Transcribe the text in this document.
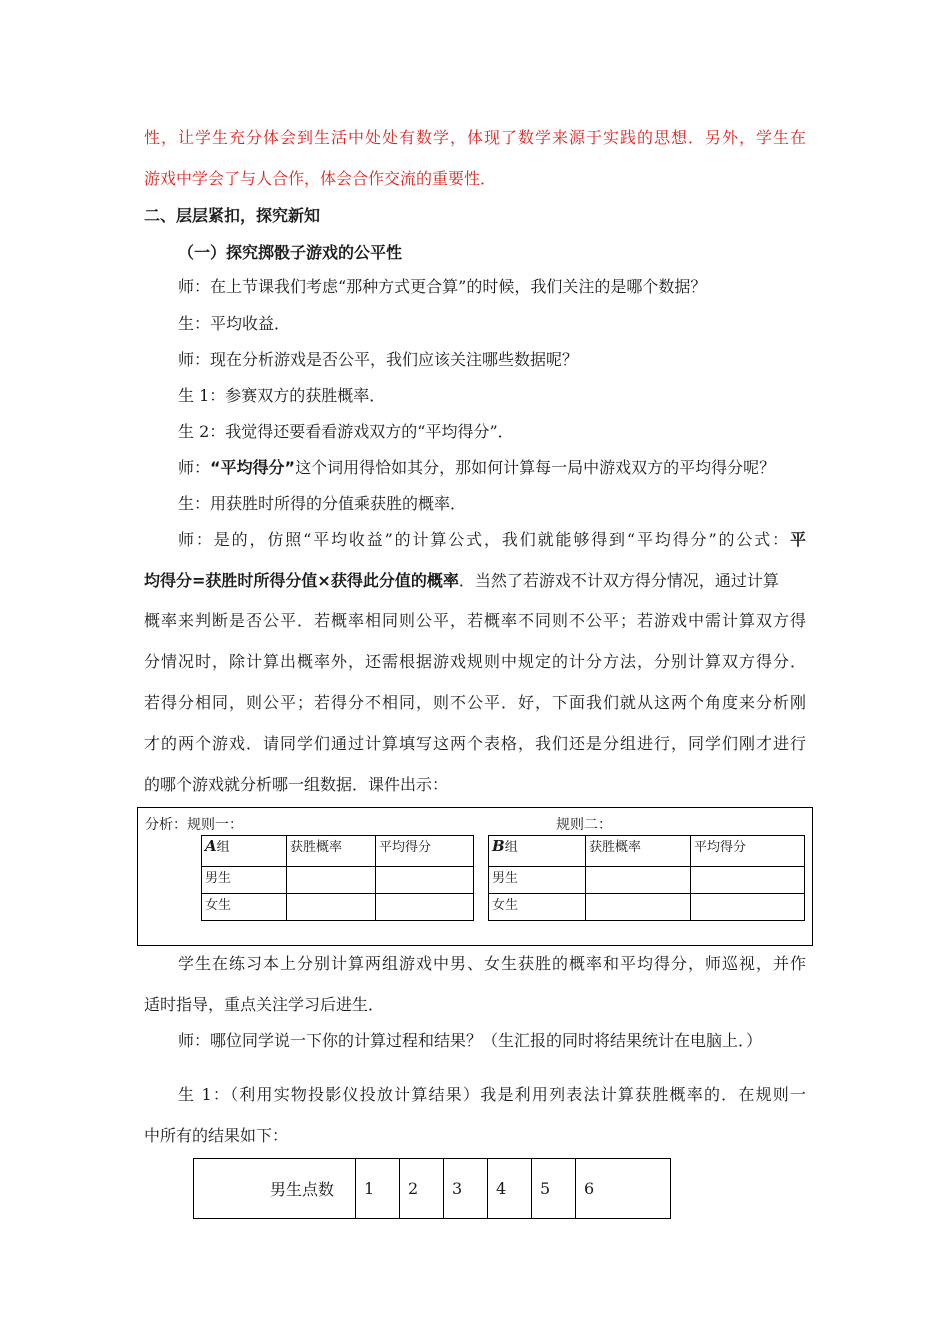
性，让学生充分体会到生活中处处有数学，体现了数学来源于实践的思想．另外，学生在
游戏中学会了与人合作，体会合作交流的重要性．
二、层层紧扣，探究新知
（一）探究掷骰子游戏的公平性
师：在上节课我们考虑“那种方式更合算”的时候，我们关注的是哪个数据？
生：平均收益．
师：现在分析游戏是否公平，我们应该关注哪些数据呢？
生 1：参赛双方的获胜概率．
生 2：我觉得还要看看游戏双方的“平均得分”．
师：“平均得分”这个词用得恰如其分，那如何计算每一局中游戏双方的平均得分呢？
生：用获胜时所得的分值乘获胜的概率．
师：是的，仿照“平均收益”的计算公式，我们就能够得到“平均得分”的公式：平
均得分=获胜时所得分值×获得此分值的概率．当然了若游戏不计双方得分情况，通过计算
概率来判断是否公平．若概率相同则公平，若概率不同则不公平；若游戏中需计算双方得
分情况时，除计算出概率外，还需根据游戏规则中规定的计分方法，分别计算双方得分．
若得分相同，则公平；若得分不相同，则不公平．好，下面我们就从这两个角度来分析刚
才的两个游戏．请同学们通过计算填写这两个表格，我们还是分组进行，同学们刚才进行
的哪个游戏就分析哪一组数据．课件出示：
分析：规则一：	规则二：
A组	获胜概率	平均得分
男生		
女生		
B组	获胜概率	平均得分
男生		
女生		
学生在练习本上分别计算两组游戏中男、女生获胜的概率和平均得分，师巡视，并作
适时指导，重点关注学习后进生．
师：哪位同学说一下你的计算过程和结果？（生汇报的同时将结果统计在电脑上．）
生 1：（利用实物投影仪投放计算结果）我是利用列表法计算获胜概率的．在规则一
中所有的结果如下：
男生点数	1	2	3	4	5	6
